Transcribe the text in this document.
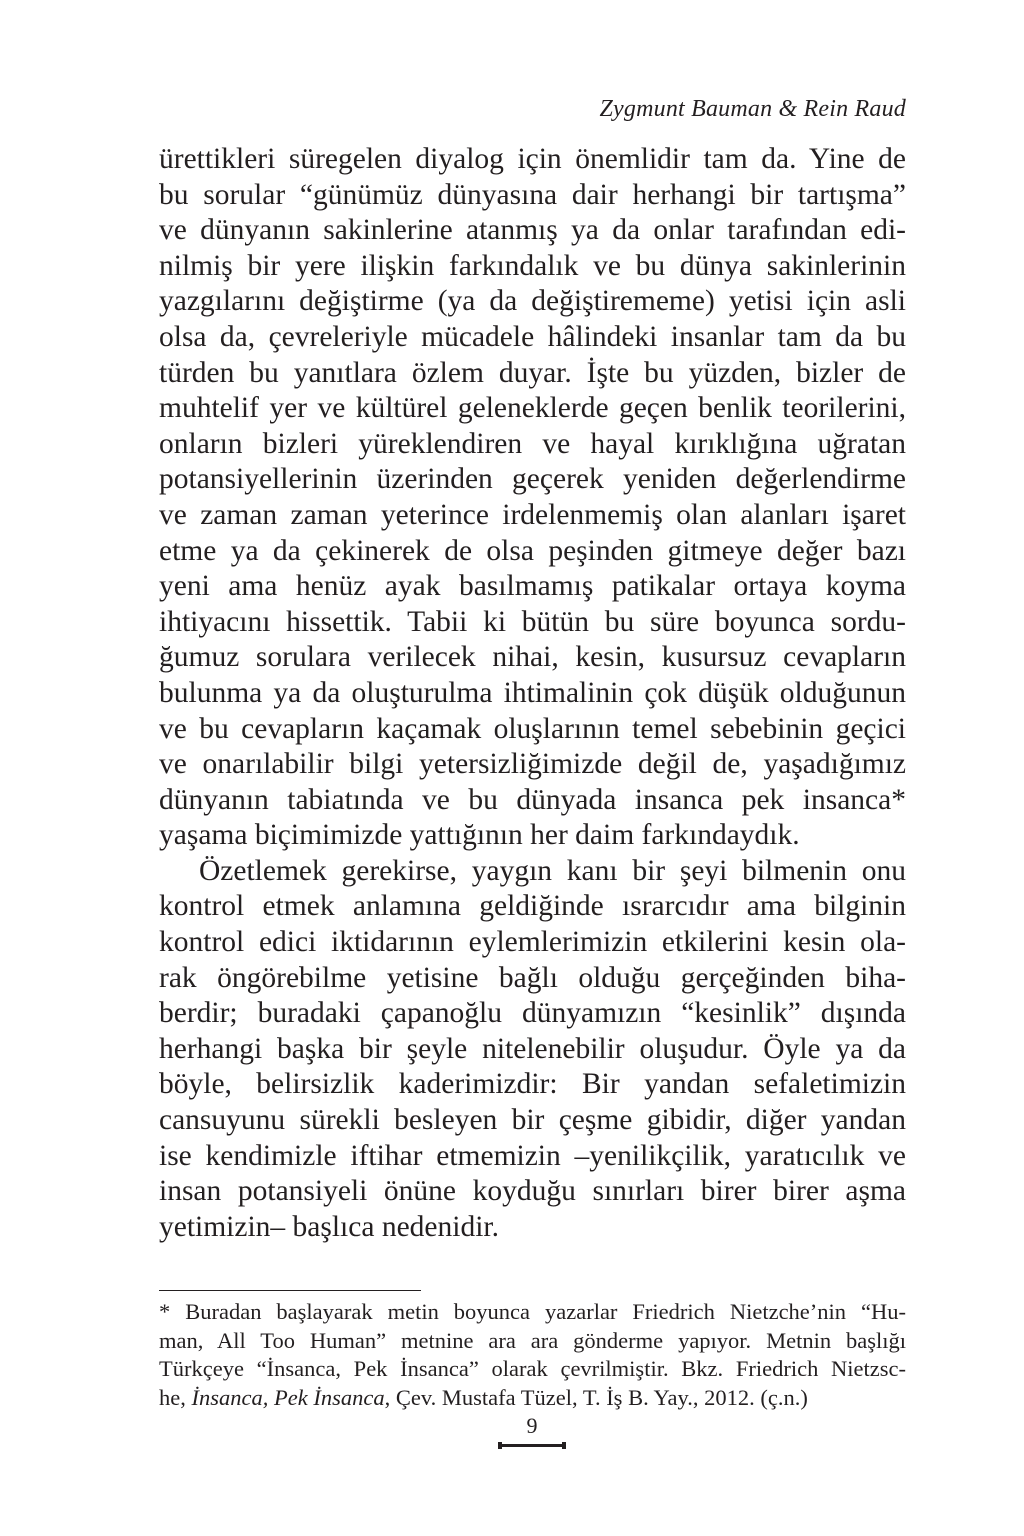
Zygmunt Bauman & Rein Raud
ürettikleri süregelen diyalog için önemlidir tam da. Yine de
bu sorular “günümüz dünyasına dair herhangi bir tartışma”
ve dünyanın sakinlerine atanmış ya da onlar tarafından edi-
nilmiş bir yere ilişkin farkındalık ve bu dünya sakinlerinin
yazgılarını değiştirme (ya da değiştirememe) yetisi için asli
olsa da, çevreleriyle mücadele hâlindeki insanlar tam da bu
türden bu yanıtlara özlem duyar. İşte bu yüzden, bizler de
muhtelif yer ve kültürel geleneklerde geçen benlik teorilerini,
onların bizleri yüreklendiren ve hayal kırıklığına uğratan
potansiyellerinin üzerinden geçerek yeniden değerlendirme
ve zaman zaman yeterince irdelenmemiş olan alanları işaret
etme ya da çekinerek de olsa peşinden gitmeye değer bazı
yeni ama henüz ayak basılmamış patikalar ortaya koyma
ihtiyacını hissettik. Tabii ki bütün bu süre boyunca sordu-
ğumuz sorulara verilecek nihai, kesin, kusursuz cevapların
bulunma ya da oluşturulma ihtimalinin çok düşük olduğunun
ve bu cevapların kaçamak oluşlarının temel sebebinin geçici
ve onarılabilir bilgi yetersizliğimizde değil de, yaşadığımız
dünyanın tabiatında ve bu dünyada insanca pek insanca*
yaşama biçimimizde yattığının her daim farkındaydık.
Özetlemek gerekirse, yaygın kanı bir şeyi bilmenin onu
kontrol etmek anlamına geldiğinde ısrarcıdır ama bilginin
kontrol edici iktidarının eylemlerimizin etkilerini kesin ola-
rak öngörebilme yetisine bağlı olduğu gerçeğinden biha-
berdir; buradaki çapanoğlu dünyamızın “kesinlik” dışında
herhangi başka bir şeyle nitelenebilir oluşudur. Öyle ya da
böyle, belirsizlik kaderimizdir: Bir yandan sefaletimizin
cansuyunu sürekli besleyen bir çeşme gibidir, diğer yandan
ise kendimizle iftihar etmemizin –yenilikçilik, yaratıcılık ve
insan potansiyeli önüne koyduğu sınırları birer birer aşma
yetimizin– başlıca nedenidir.
* Buradan başlayarak metin boyunca yazarlar Friedrich Nietzche’nin “Hu-
man, All Too Human” metnine ara ara gönderme yapıyor. Metnin başlığı
Türkçeye “İnsanca, Pek İnsanca” olarak çevrilmiştir. Bkz. Friedrich Nietzsc-
he, İnsanca, Pek İnsanca, Çev. Mustafa Tüzel, T. İş B. Yay., 2012. (ç.n.)
9
